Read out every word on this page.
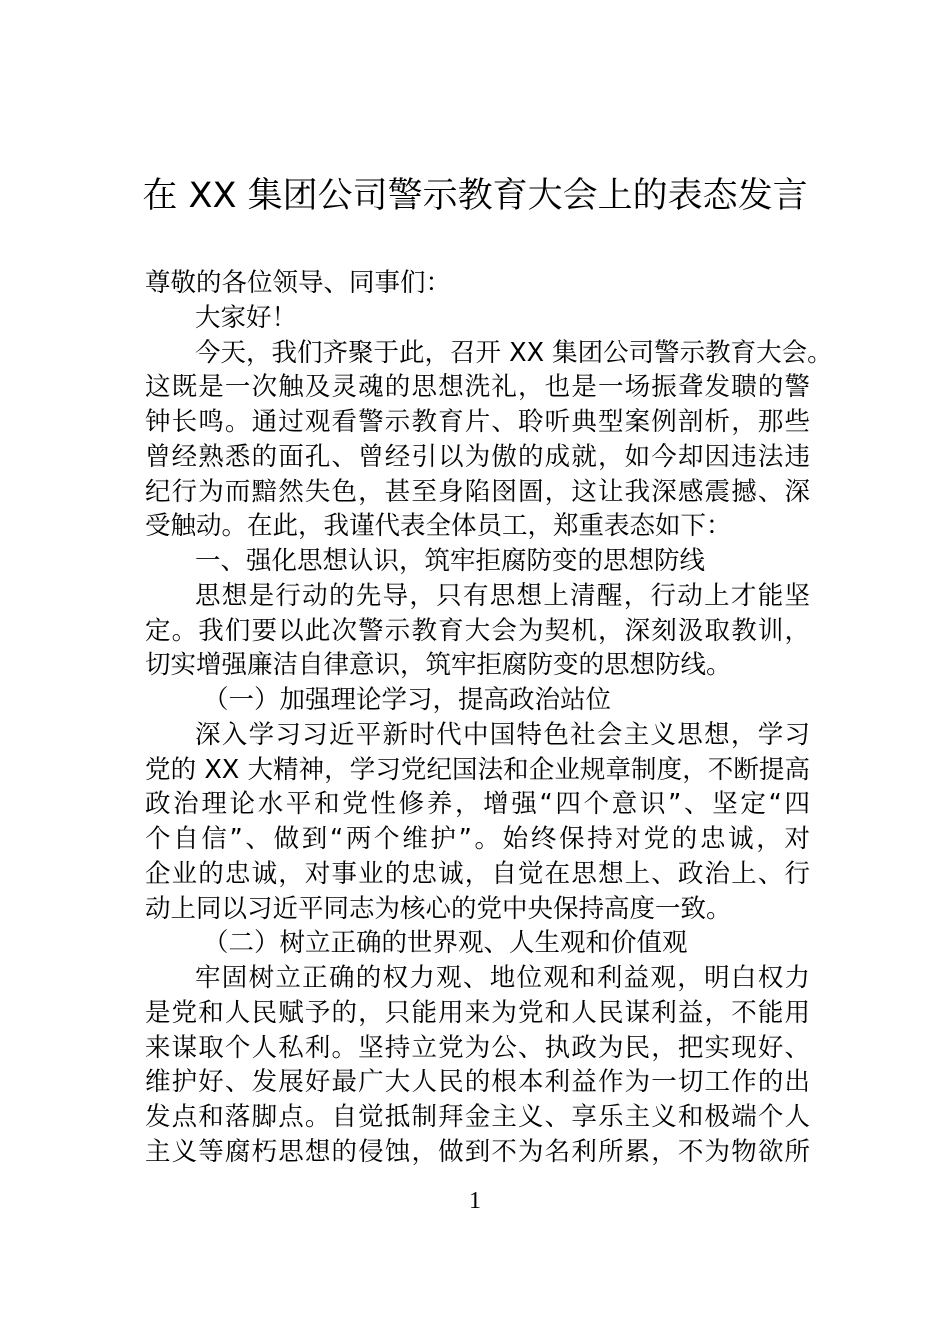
在 XX 集团公司警示教育大会上的表态发言
尊敬的各位领导、同事们：
大家好！
今天，我们齐聚于此，召开 XX 集团公司警示教育大会。
这既是一次触及灵魂的思想洗礼，也是一场振聋发聩的警
钟长鸣。通过观看警示教育片、聆听典型案例剖析，那些
曾经熟悉的面孔、曾经引以为傲的成就，如今却因违法违
纪行为而黯然失色，甚至身陷囹圄，这让我深感震撼、深
受触动。在此，我谨代表全体员工，郑重表态如下：
一、强化思想认识，筑牢拒腐防变的思想防线
思想是行动的先导，只有思想上清醒，行动上才能坚
定。我们要以此次警示教育大会为契机，深刻汲取教训，
切实增强廉洁自律意识，筑牢拒腐防变的思想防线。
（一）加强理论学习，提高政治站位
深入学习习近平新时代中国特色社会主义思想，学习
党的 XX 大精神，学习党纪国法和企业规章制度，不断提高
政治理论水平和党性修养，增强“四个意识”、坚定“四
个自信”、做到“两个维护”。始终保持对党的忠诚，对
企业的忠诚，对事业的忠诚，自觉在思想上、政治上、行
动上同以习近平同志为核心的党中央保持高度一致。
（二）树立正确的世界观、人生观和价值观
牢固树立正确的权力观、地位观和利益观，明白权力
是党和人民赋予的，只能用来为党和人民谋利益，不能用
来谋取个人私利。坚持立党为公、执政为民，把实现好、
维护好、发展好最广大人民的根本利益作为一切工作的出
发点和落脚点。自觉抵制拜金主义、享乐主义和极端个人
主义等腐朽思想的侵蚀，做到不为名利所累，不为物欲所
1
